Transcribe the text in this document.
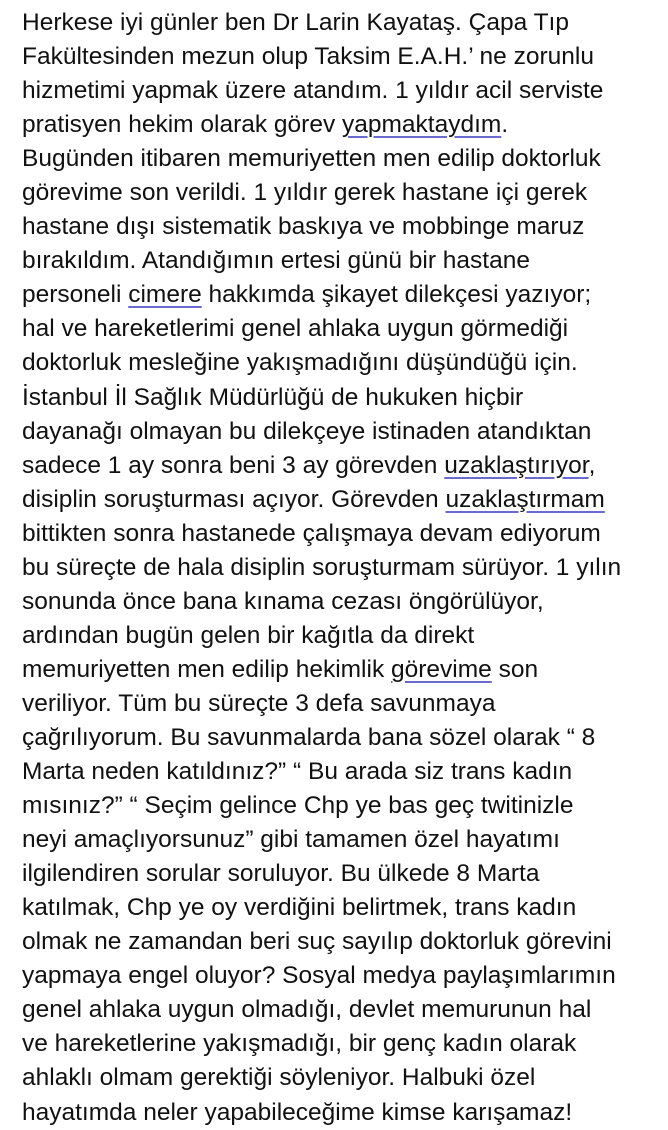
Herkese iyi günler ben Dr Larin Kayataş. Çapa Tıp
Fakültesinden mezun olup Taksim E.A.H.’ ne zorunlu
hizmetimi yapmak üzere atandım. 1 yıldır acil serviste
pratisyen hekim olarak görev yapmaktaydım.
Bugünden itibaren memuriyetten men edilip doktorluk
görevime son verildi. 1 yıldır gerek hastane içi gerek
hastane dışı sistematik baskıya ve mobbinge maruz
bırakıldım. Atandığımın ertesi günü bir hastane
personeli cimere hakkımda şikayet dilekçesi yazıyor;
hal ve hareketlerimi genel ahlaka uygun görmediği
doktorluk mesleğine yakışmadığını düşündüğü için.
İstanbul İl Sağlık Müdürlüğü de hukuken hiçbir
dayanağı olmayan bu dilekçeye istinaden atandıktan
sadece 1 ay sonra beni 3 ay görevden uzaklaştırıyor,
disiplin soruşturması açıyor. Görevden uzaklaştırmam
bittikten sonra hastanede çalışmaya devam ediyorum
bu süreçte de hala disiplin soruşturmam sürüyor. 1 yılın
sonunda önce bana kınama cezası öngörülüyor,
ardından bugün gelen bir kağıtla da direkt
memuriyetten men edilip hekimlik görevime son
veriliyor. Tüm bu süreçte 3 defa savunmaya
çağrılıyorum. Bu savunmalarda bana sözel olarak “ 8
Marta neden katıldınız?” “ Bu arada siz trans kadın
mısınız?” “ Seçim gelince Chp ye bas geç twitinizle
neyi amaçlıyorsunuz” gibi tamamen özel hayatımı
ilgilendiren sorular soruluyor. Bu ülkede 8 Marta
katılmak, Chp ye oy verdiğini belirtmek, trans kadın
olmak ne zamandan beri suç sayılıp doktorluk görevini
yapmaya engel oluyor? Sosyal medya paylaşımlarımın
genel ahlaka uygun olmadığı, devlet memurunun hal
ve hareketlerine yakışmadığı, bir genç kadın olarak
ahlaklı olmam gerektiği söyleniyor. Halbuki özel
hayatımda neler yapabileceğime kimse karışamaz!
